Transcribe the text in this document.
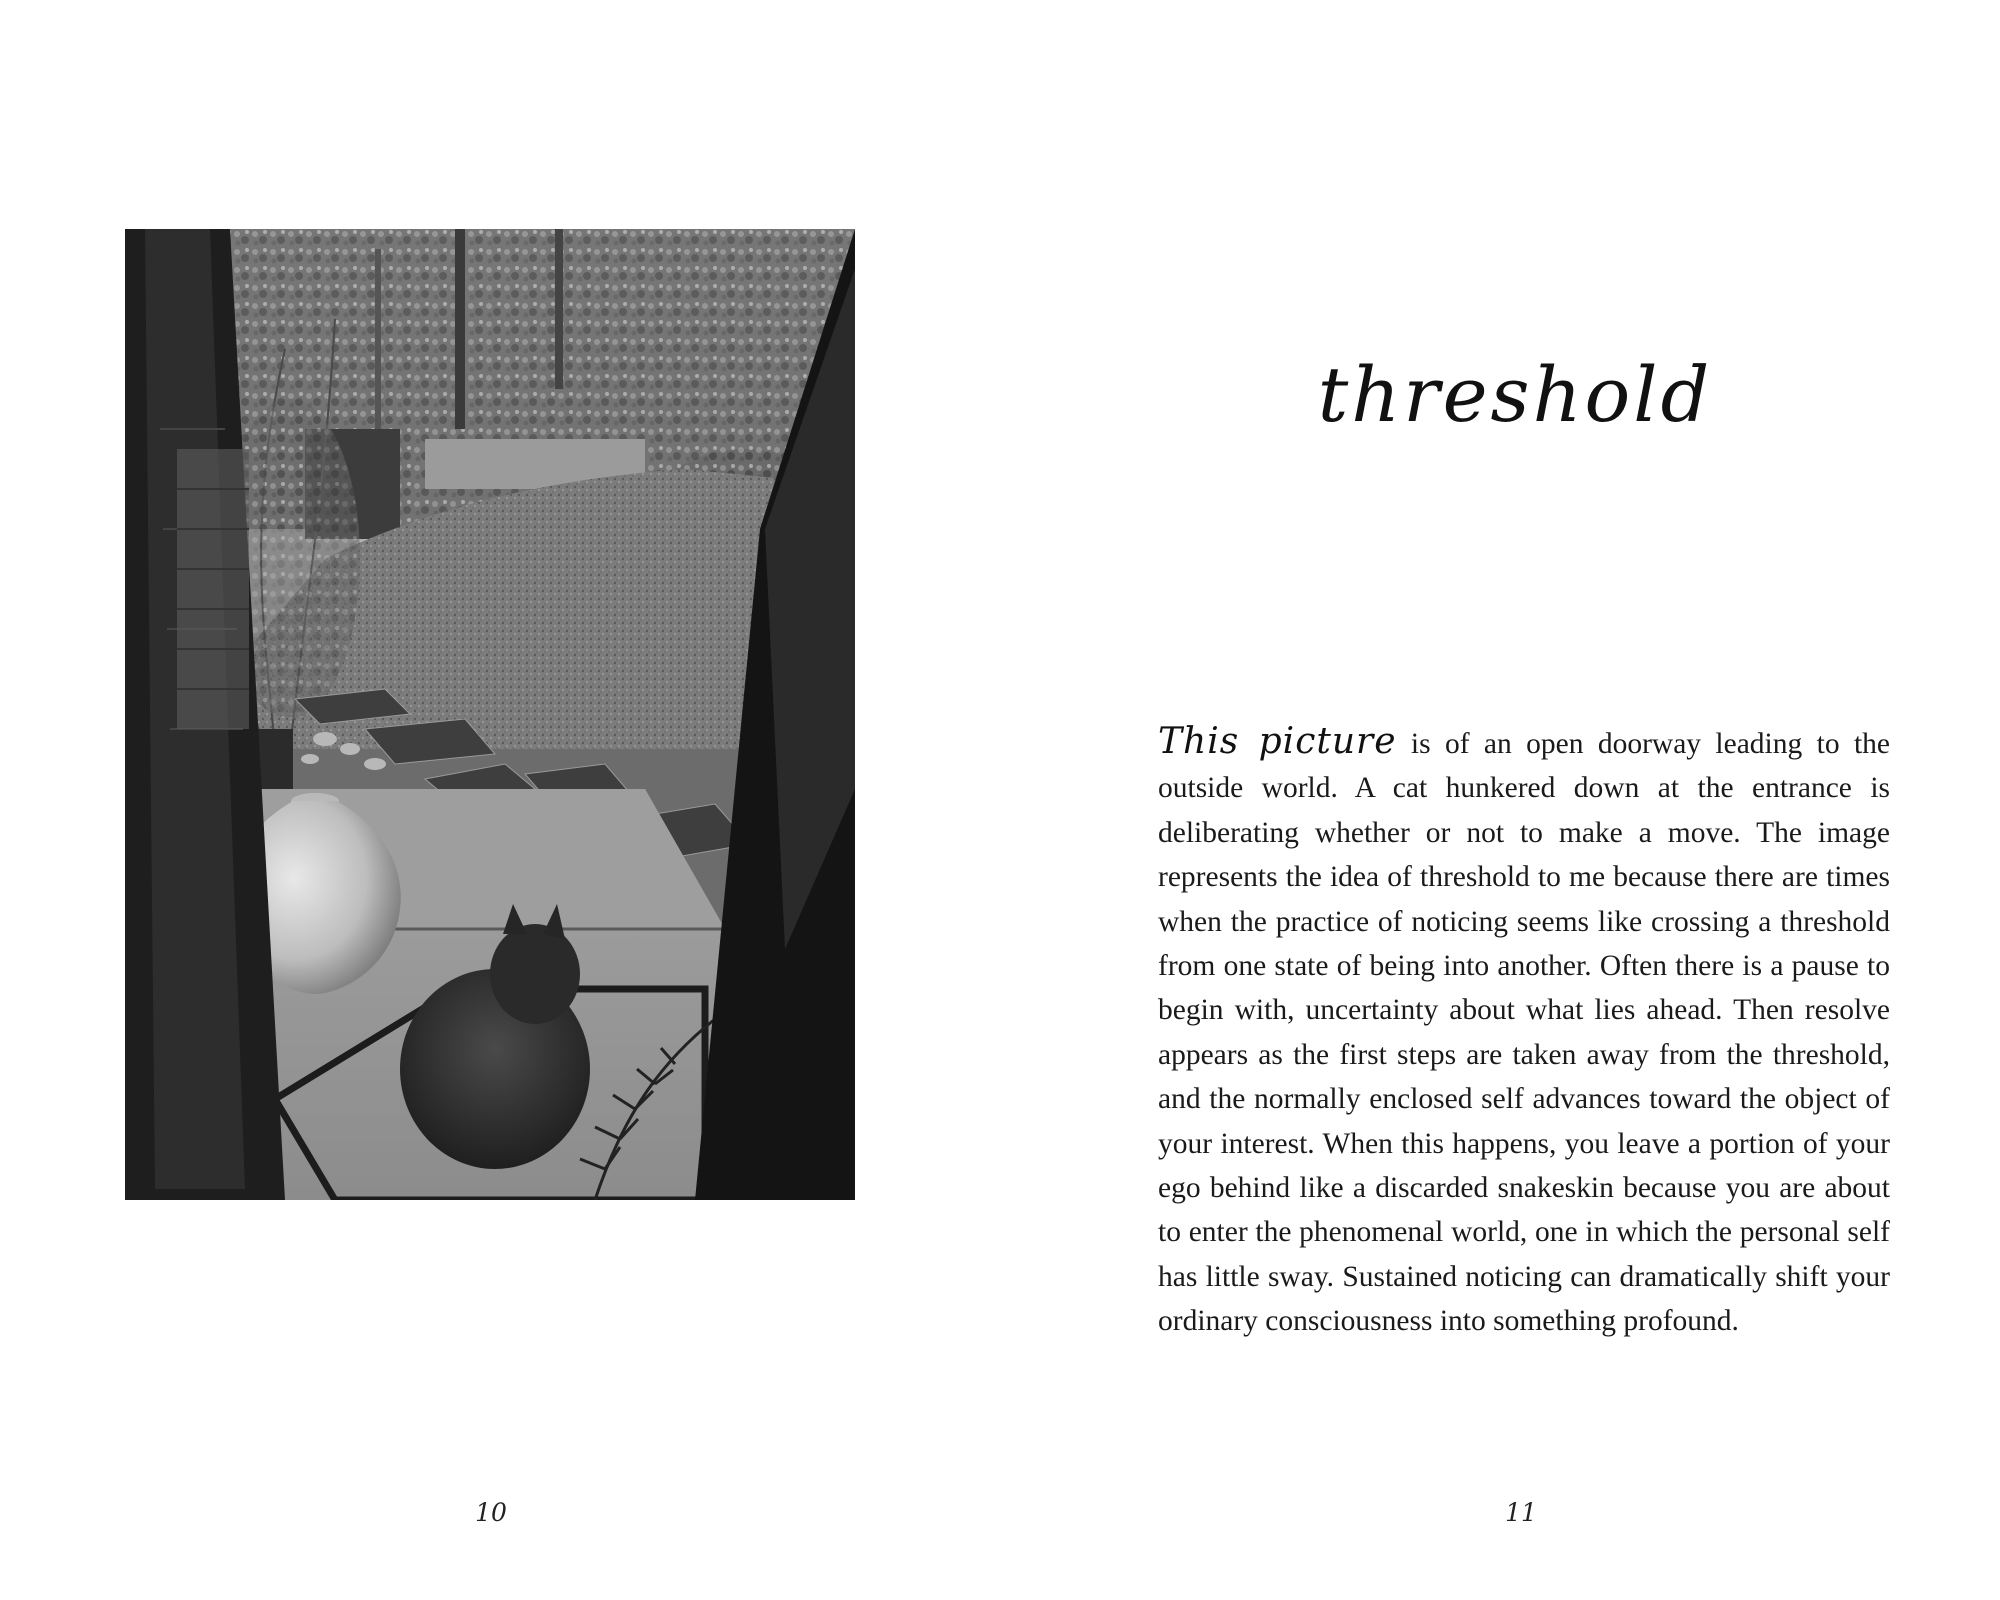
10
threshold

This picture is of an open doorway leading to the outside world. A cat hunkered down at the entrance is deliberating whether or not to make a move. The image represents the idea of threshold to me because there are times when the practice of noticing seems like crossing a threshold from one state of being into another. Often there is a pause to begin with, uncertainty about what lies ahead. Then resolve appears as the first steps are taken away from the threshold, and the normally enclosed self advances toward the object of your interest. When this happens, you leave a portion of your ego behind like a discarded snakeskin because you are about to enter the phenomenal world, one in which the personal self has little sway. Sustained noticing can dramatically shift your ordinary consciousness into something profound.

11
